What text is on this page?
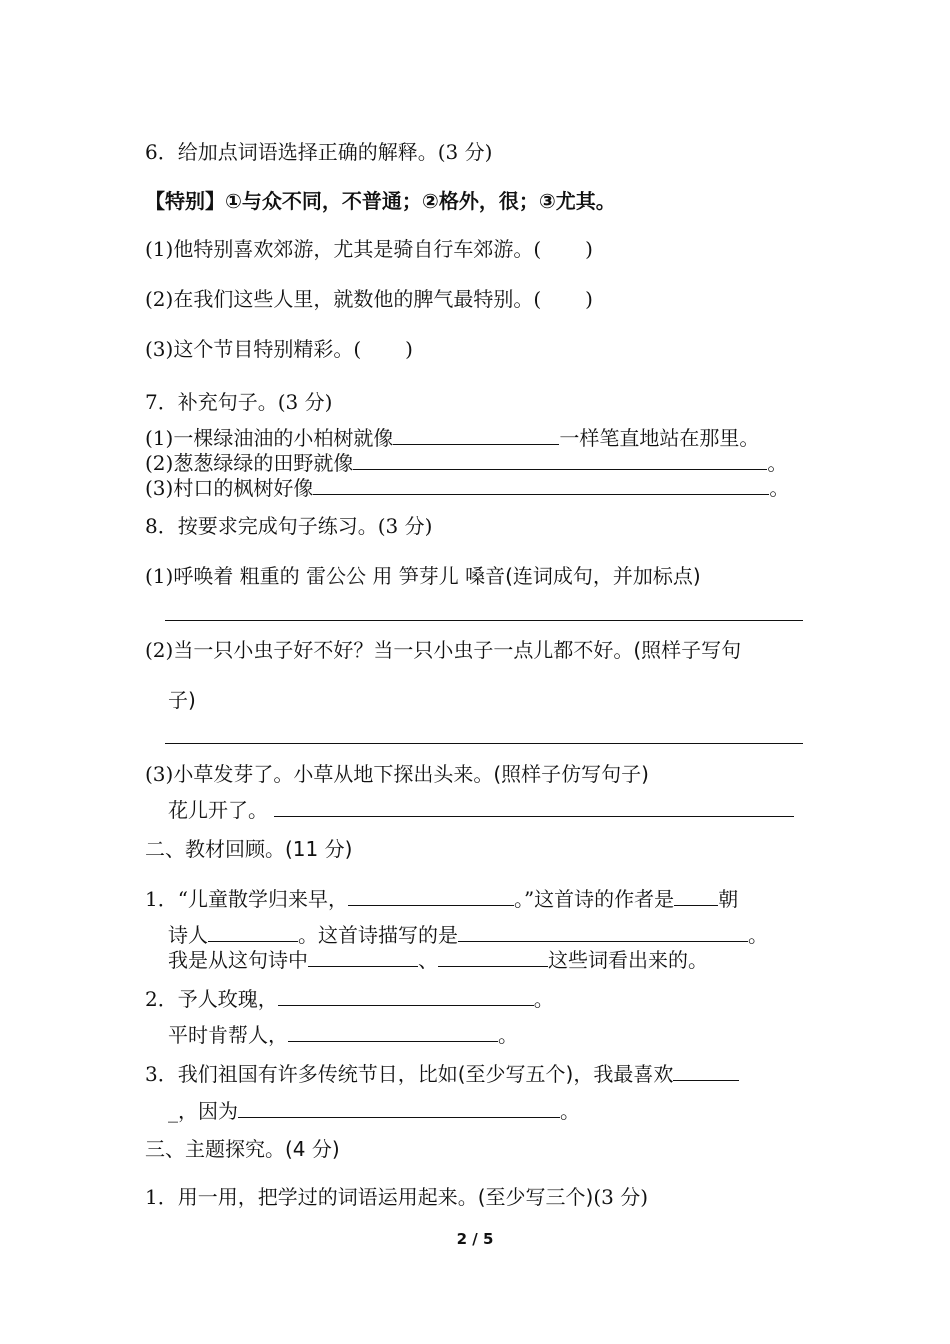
6．给加点词语选择正确的解释。(3 分)
【特别】①与众不同，不普通；②格外，很；③尤其。
(1)他特别喜欢郊游，尤其是骑自行车郊游。( )
(2)在我们这些人里，就数他的脾气最特别。( )
(3)这个节目特别精彩。( )
7．补充句子。(3 分)
(1)一棵绿油油的小柏树就像	一样笔直地站在那里。
(2)葱葱绿绿的田野就像	。
(3)村口的枫树好像	。
8．按要求完成句子练习。(3 分)
(1)呼唤着 粗重的 雷公公 用 笋芽儿 嗓音(连词成句，并加标点)
(2)当一只小虫子好不好？当一只小虫子一点儿都不好。(照样子写句
子)
(3)小草发芽了。小草从地下探出头来。(照样子仿写句子)
花儿开了。
二、教材回顾。(11 分)
1．“儿童散学归来早，	。”这首诗的作者是 朝
诗人	。这首诗描写的是	。
我是从这句诗中	、	这些词看出来的。
2．予人玫瑰，	。
平时肯帮人，	。
3．我们祖国有许多传统节日，比如(至少写五个)，我最喜欢
_，因为	。
三、主题探究。(4 分)
1．用一用，把学过的词语运用起来。(至少写三个)(3 分)
2 / 5
